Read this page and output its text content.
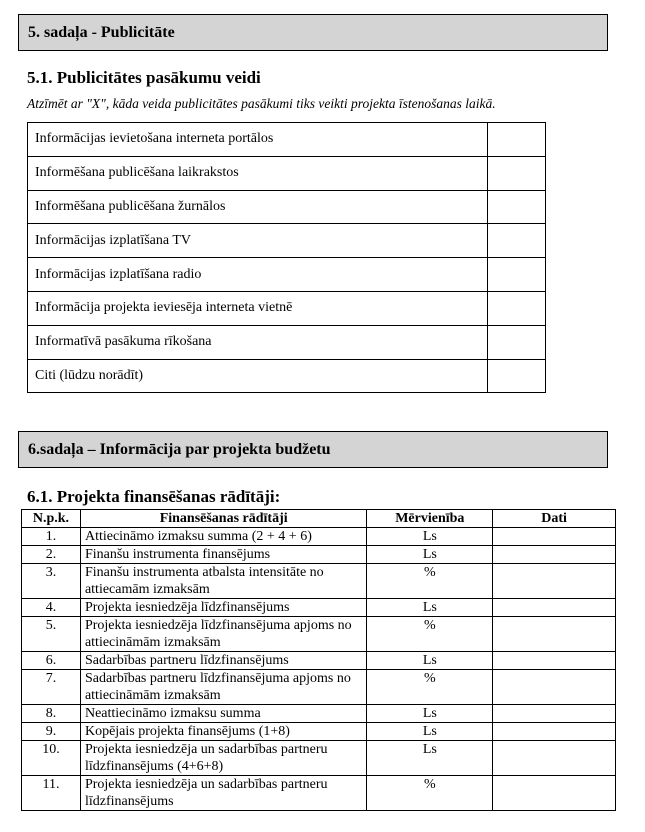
5. sadaļa - Publicitāte
5.1. Publicitātes pasākumu veidi
Atzīmēt ar "X", kāda veida publicitātes pasākumi tiks veikti projekta īstenošanas laikā.
Informācijas ievietošana interneta portālos	
Informēšana publicēšana laikrakstos	
Informēšana publicēšana žurnālos	
Informācijas izplatīšana TV	
Informācijas izplatīšana radio	
Informācija projekta ieviesēja interneta vietnē	
Informatīvā pasākuma rīkošana	
Citi (lūdzu norādīt)	
6.sadaļa – Informācija par projekta budžetu
6.1. Projekta finansēšanas rādītāji:
N.p.k.	Finansēšanas rādītāji	Mērvienība	Dati
1.	Attiecināmo izmaksu summa (2 + 4 + 6)	Ls	
2.	Finanšu instrumenta finansējums	Ls	
3.	Finanšu instrumenta atbalsta intensitāte no attiecamām izmaksām	%	
4.	Projekta iesniedzēja līdzfinansējums	Ls	
5.	Projekta iesniedzēja līdzfinansējuma apjoms no attiecināmām izmaksām	%	
6.	Sadarbības partneru līdzfinansējums	Ls	
7.	Sadarbības partneru līdzfinansējuma apjoms no attiecināmām izmaksām	%	
8.	Neattiecināmo izmaksu summa	Ls	
9.	Kopējais projekta finansējums (1+8)	Ls	
10.	Projekta iesniedzēja un sadarbības partneru līdzfinansējums (4+6+8)	Ls	
11.	Projekta iesniedzēja un sadarbības partneru līdzfinansējums	%	
